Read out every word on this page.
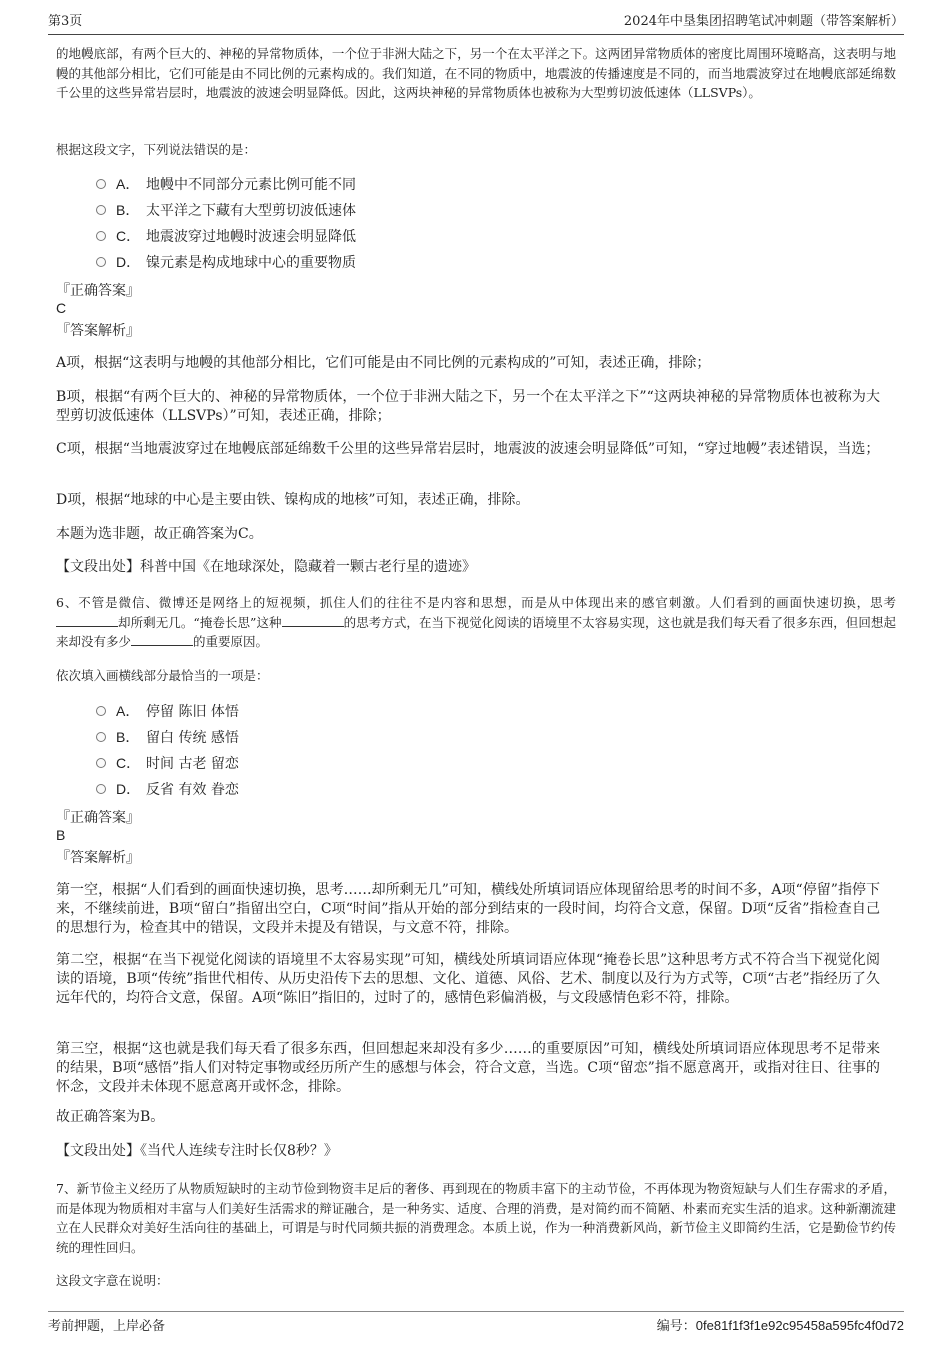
第3页	2024年中垦集团招聘笔试冲刺题（带答案解析）

的地幔底部，有两个巨大的、神秘的异常物质体，一个位于非洲大陆之下，另一个在太平洋之下。这两团异常物质体的密度比周围环境略高，这表明与地幔的其他部分相比，它们可能是由不同比例的元素构成的。我们知道，在不同的物质中，地震波的传播速度是不同的，而当地震波穿过在地幔底部延绵数千公里的这些异常岩层时，地震波的波速会明显降低。因此，这两块神秘的异常物质体也被称为大型剪切波低速体（LLSVPs）。

根据这段文字，下列说法错误的是：

A． 地幔中不同部分元素比例可能不同
B． 太平洋之下藏有大型剪切波低速体
C． 地震波穿过地幔时波速会明显降低
D． 镍元素是构成地球中心的重要物质
『正确答案』
C
『答案解析』

A项，根据“这表明与地幔的其他部分相比，它们可能是由不同比例的元素构成的”可知，表述正确，排除；

B项，根据“有两个巨大的、神秘的异常物质体，一个位于非洲大陆之下，另一个在太平洋之下”“这两块神秘的异常物质体也被称为大型剪切波低速体（LLSVPs）”可知，表述正确，排除；

C项，根据“当地震波穿过在地幔底部延绵数千公里的这些异常岩层时，地震波的波速会明显降低”可知，“穿过地幔”表述错误，当选；

D项，根据“地球的中心是主要由铁、镍构成的地核”可知，表述正确，排除。

本题为选非题，故正确答案为C。

【文段出处】科普中国《在地球深处，隐藏着一颗古老行星的遗迹》

6、不管是微信、微博还是网络上的短视频，抓住人们的往往不是内容和思想，而是从中体现出来的感官刺激。人们看到的画面快速切换，思考却所剩无几。“掩卷长思”这种	的思考方式，在当下视觉化阅读的语境里不太容易实现，这也就是我们每天看了很多东西，但回想起来却没有多少	的重要原因。

依次填入画横线部分最恰当的一项是：

A． 停留 陈旧 体悟
B． 留白 传统 感悟
C． 时间 古老 留恋
D． 反省 有效 眷恋
『正确答案』
B
『答案解析』

第一空，根据“人们看到的画面快速切换，思考……却所剩无几”可知，横线处所填词语应体现留给思考的时间不多，A项“停留”指停下来，不继续前进，B项“留白”指留出空白，C项“时间”指从开始的部分到结束的一段时间，均符合文意，保留。D项“反省”指检查自己的思想行为，检查其中的错误，文段并未提及有错误，与文意不符，排除。

第二空，根据“在当下视觉化阅读的语境里不太容易实现”可知，横线处所填词语应体现“掩卷长思”这种思考方式不符合当下视觉化阅读的语境，B项“传统”指世代相传、从历史沿传下去的思想、文化、道德、风俗、艺术、制度以及行为方式等，C项“古老”指经历了久远年代的，均符合文意，保留。A项“陈旧”指旧的，过时了的，感情色彩偏消极，与文段感情色彩不符，排除。

第三空，根据“这也就是我们每天看了很多东西，但回想起来却没有多少……的重要原因”可知，横线处所填词语应体现思考不足带来的结果，B项“感悟”指人们对特定事物或经历所产生的感想与体会，符合文意，当选。C项“留恋”指不愿意离开，或指对往日、往事的怀念，文段并未体现不愿意离开或怀念，排除。

故正确答案为B。

【文段出处】《当代人连续专注时长仅8秒？》

7、新节俭主义经历了从物质短缺时的主动节俭到物资丰足后的奢侈、再到现在的物质丰富下的主动节俭，不再体现为物资短缺与人们生存需求的矛盾，而是体现为物质相对丰富与人们美好生活需求的辩证融合，是一种务实、适度、合理的消费，是对简约而不简陋、朴素而充实生活的追求。这种新潮流建立在人民群众对美好生活向往的基础上，可谓是与时代同频共振的消费理念。本质上说，作为一种消费新风尚，新节俭主义即简约生活，它是勤俭节约传统的理性回归。

这段文字意在说明：

考前押题，上岸必备	编号：0fe81f1f3f1e92c95458a595fc4f0d72
